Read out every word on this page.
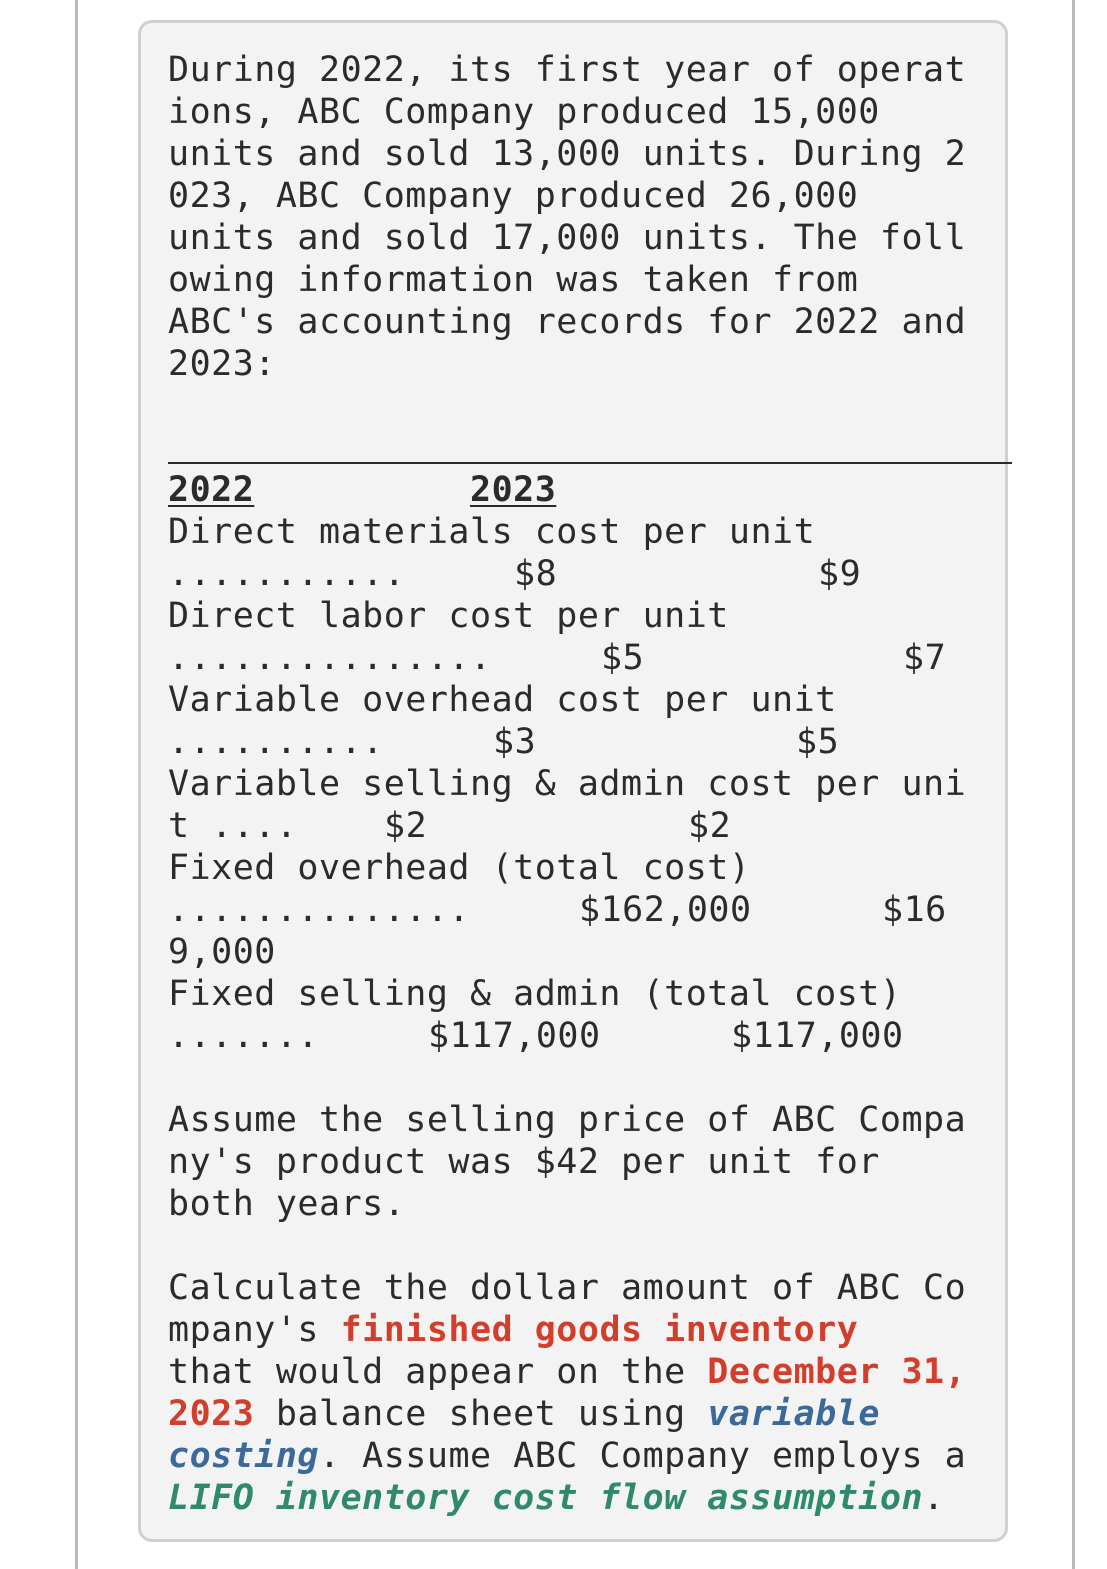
During 2022, its first year of operat
ions, ABC Company produced 15,000
units and sold 13,000 units. During 2
023, ABC Company produced 26,000
units and sold 17,000 units. The foll
owing information was taken from
ABC's accounting records for 2022 and
2023:
2022	2023
Direct materials cost per unit
...........	$8	$9
Direct labor cost per unit
...............	$5	$7
Variable overhead cost per unit
..........	$3	$5
Variable selling & admin cost per uni
t .... $2	$2
Fixed overhead (total cost)
..............	$162,000	$16
9,000
Fixed selling & admin (total cost)
.......	$117,000	$117,000
Assume the selling price of ABC Compa
ny's product was $42 per unit for
both years.
Calculate the dollar amount of ABC Co
mpany's finished goods inventory
that would appear on the December 31,
2023 balance sheet using variable
costing. Assume ABC Company employs a
LIFO inventory cost flow assumption.
